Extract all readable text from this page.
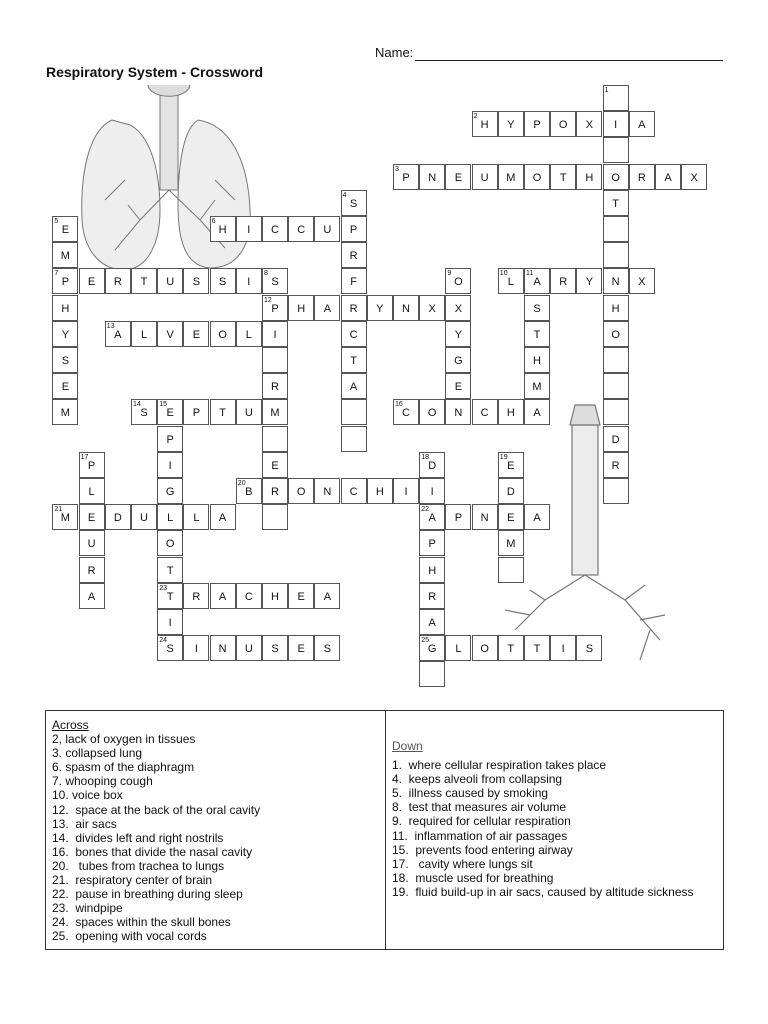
Name:
Respiratory System - Crossword
1
I
O
T
N
H
O
D
R
H
2
Y	P	O	X	A
P
3
N	E	U	M	O	T	H	R	A	X
S
4
P
R
F
R
C
T
A
E
5
M
P
7
H
Y
S
E
M
H
6
I	C	C	U
E	R	T	U	S	S	I	S
8
P
12
I
R
M
E
R
O
9
X
Y
G
E
N
L
10
A
11
R	Y	X
S
T
H
M
A
H	A	Y	N	X
A
13
L	V	E	O	L
S
14
E
15
P	T	U
P
I
G
L
O
T
T
23
I
S
24
C
16
O	C	H
P
17
L
E
U
R
A
D
18
I
A
22
P
H
R
A
G
25
E
19
D
E
M
B
20
O	N	C	H	I
M
21
D	U	L	A	P	N	A
R	A	C	H	E	A
I	N	U	S	E	S	L	O	T	T	I	S
Across
2, lack of oxygen in tissues
3. collapsed lung
6. spasm of the diaphragm
7. whooping cough
10. voice box
12.  space at the back of the oral cavity
13.  air sacs
14.  divides left and right nostrils
16.  bones that divide the nasal cavity
20.   tubes from trachea to lungs
21.  respiratory center of brain
22.  pause in breathing during sleep
23.  windpipe
24.  spaces within the skull bones
25.  opening with vocal cords
Down
1.  where cellular respiration takes place
4.  keeps alveoli from collapsing
5.  illness caused by smoking
8.  test that measures air volume
9.  required for cellular respiration
11.  inflammation of air passages
15.  prevents food entering airway
17.   cavity where lungs sit
18.  muscle used for breathing
19.  fluid build-up in air sacs, caused by altitude sickness
